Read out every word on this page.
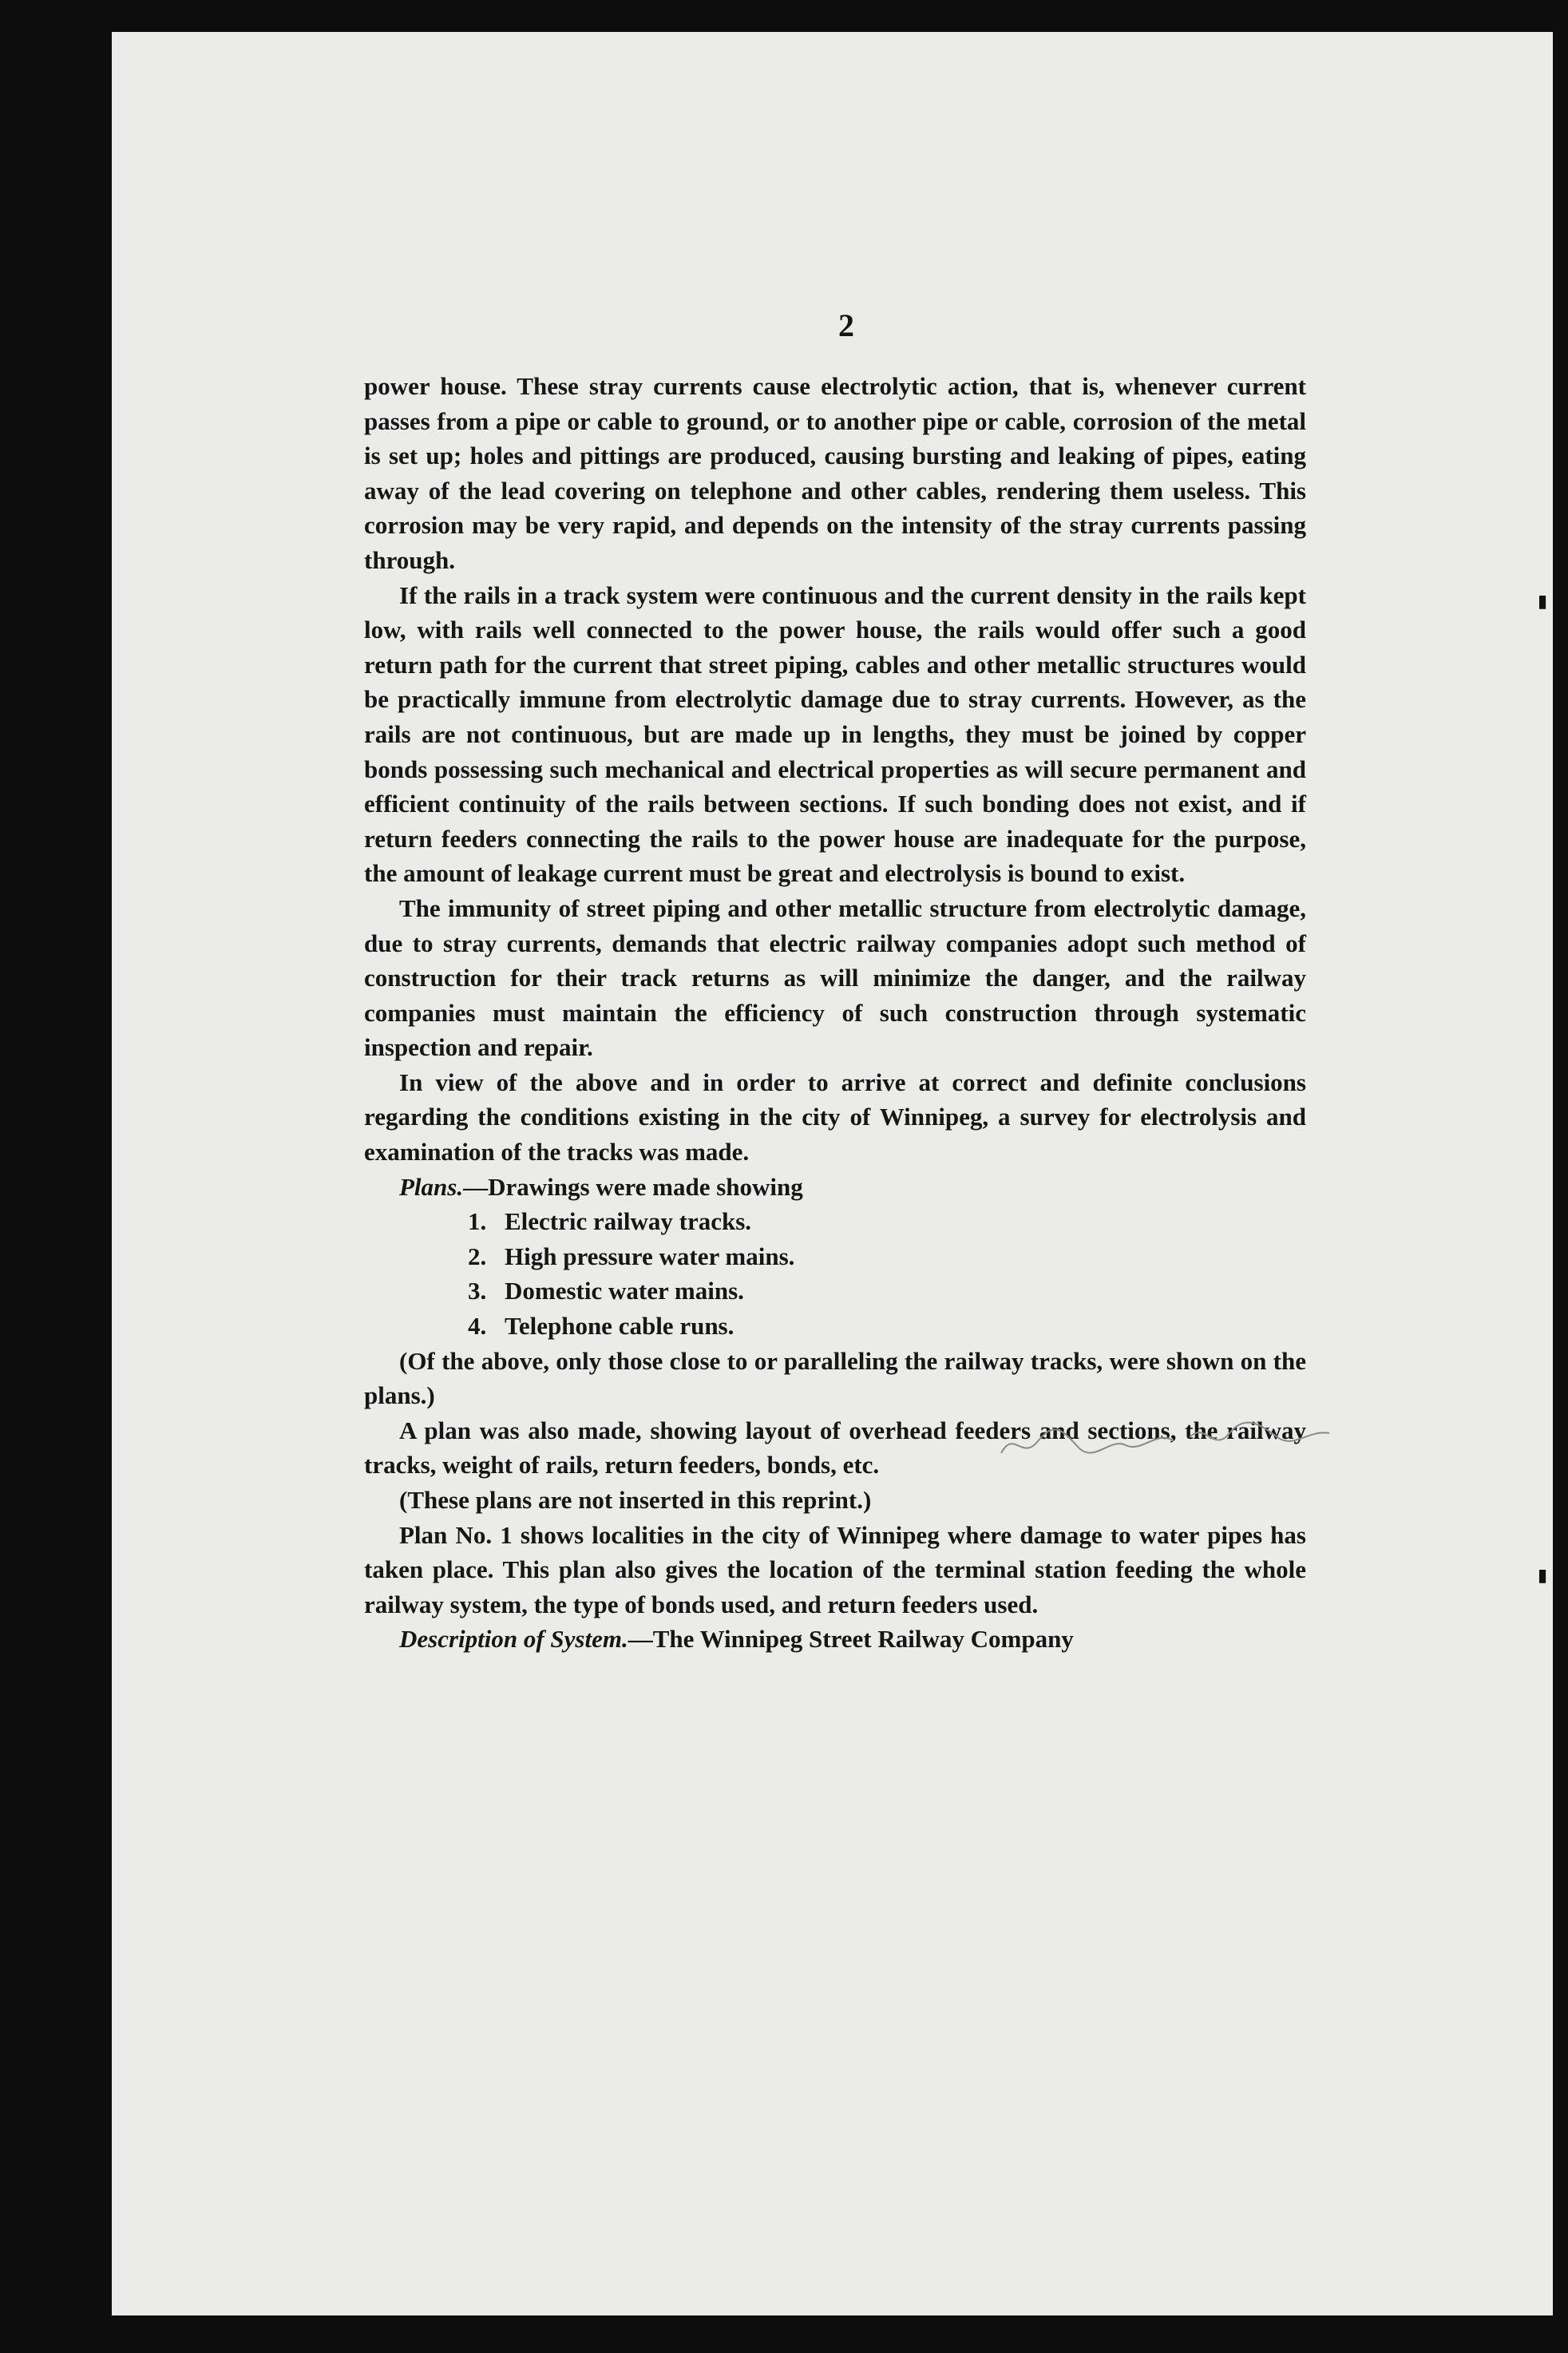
2

power house. These stray currents cause electrolytic action, that is, whenever current passes from a pipe or cable to ground, or to another pipe or cable, corrosion of the metal is set up; holes and pittings are produced, causing bursting and leaking of pipes, eating away of the lead covering on telephone and other cables, rendering them useless. This corrosion may be very rapid, and depends on the intensity of the stray currents passing through.

If the rails in a track system were continuous and the current density in the rails kept low, with rails well connected to the power house, the rails would offer such a good return path for the current that street piping, cables and other metallic structures would be practically immune from electrolytic damage due to stray currents. However, as the rails are not continuous, but are made up in lengths, they must be joined by copper bonds possessing such mechanical and electrical properties as will secure permanent and efficient continuity of the rails between sections. If such bonding does not exist, and if return feeders connecting the rails to the power house are inadequate for the purpose, the amount of leakage current must be great and electrolysis is bound to exist.

The immunity of street piping and other metallic structure from electrolytic damage, due to stray currents, demands that electric railway companies adopt such method of construction for their track returns as will minimize the danger, and the railway companies must maintain the efficiency of such construction through systematic inspection and repair.

In view of the above and in order to arrive at correct and definite conclusions regarding the conditions existing in the city of Winnipeg, a survey for electrolysis and examination of the tracks was made.

Plans.—Drawings were made showing

1. Electric railway tracks.
2. High pressure water mains.
3. Domestic water mains.
4. Telephone cable runs.

(Of the above, only those close to or paralleling the railway tracks, were shown on the plans.)

A plan was also made, showing layout of overhead feeders and sections, the railway tracks, weight of rails, return feeders, bonds, etc.

(These plans are not inserted in this reprint.)

Plan No. 1 shows localities in the city of Winnipeg where damage to water pipes has taken place. This plan also gives the location of the terminal station feeding the whole railway system, the type of bonds used, and return feeders used.

Description of System.—The Winnipeg Street Railway Company

▮
▮
